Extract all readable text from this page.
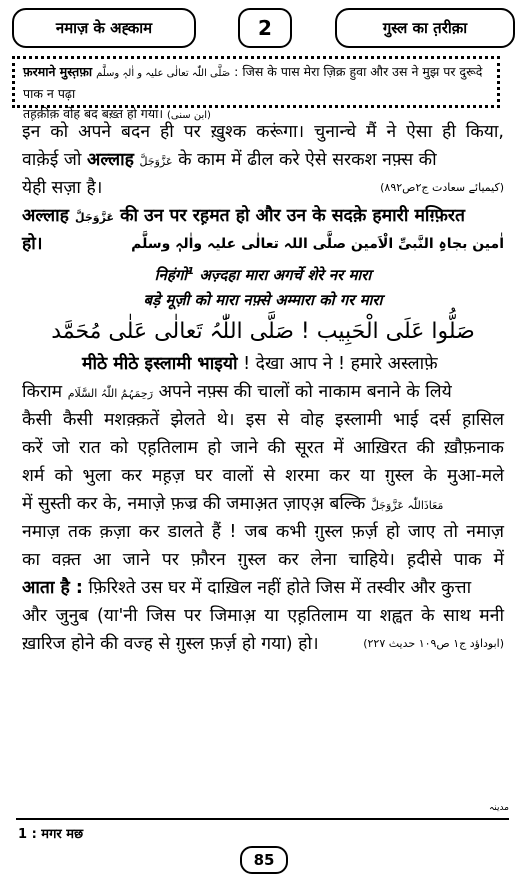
नमाज़ के अह्काम	2	गुस्ल का त़रीक़ा
फ़रमाने मुस्त़फ़ा صَلَّی اللّٰہ تعالٰی علیہ و اٰلہٖ وسلَّم : जिस के पास मेरा ज़िक्र हुवा और उस ने मुझ पर दुरूदे पाक न पढ़ा
तह़क़ीक़ वोह बद बख़्त हो गया। (ابن سنی)
इन को अपने बदन ही पर ख़ुश्क करूंगा। चुनान्चे मैं ने ऐसा ही किया,
वाक़ेई जो अल्लाह عَزَّوَجَلَّ के काम में ढील करे ऐसे सरकश नफ़्स की
येही सज़ा है।	(کیمیائے سعادت ج۲ص۸۹۲)
अल्लाह عَزَّوَجَلَّ की उन पर रह़मत हो और उन के सदके़ हमारी मग़्फ़िरत
हो।	اٰمین بجاہِ النَّبیِّ الْاَمین صلَّی اللہ تعالٰی علیہ واٰلہٖ وسلَّم
निहंगो$^1$ अज़्दहा मारा अगर्चे शेरे नर मारा
बड़े मूज़ी को मारा नफ़्से अम्मारा को गर मारा
صَلُّوا عَلَی الْحَبِیب ! صَلَّی اللّٰہُ تَعالٰی عَلٰی مُحَمَّد
मीठे मीठे इस्लामी भाइयो ! देखा आप ने ! हमारे अस्लाफ़े
किराम رَحِمَہُمُ اللّٰہُ السَّلَام अपने नफ़्स की चालों को नाकाम बनाने के लिये
कैसी कैसी मशक़्क़तें झेलते थे। इस से वोह इस्लामी भाई दर्स ह़ासिल
करें जो रात को एह़तिलाम हो जाने की सूरत में आख़िरत की ख़ौफ़नाक
शर्म को भुला कर मह़ज़ घर वालों से शरमा कर या ग़ुस्ल के मुआ-मले
में सुस्ती कर के, नमाज़े फ़ज्र की जमाअ़त ज़ाएअ़ बल्कि مَعَاذَاللّٰہ عَزَّوَجَلَّ
नमाज़ तक क़ज़ा कर डालते हैं ! जब कभी ग़ुस्ल फ़र्ज़ हो जाए तो नमाज़
का वक़्त आ जाने पर फ़ौरन ग़ुस्ल कर लेना चाहिये। ह़दीसे पाक में
आता है : फ़िरिश्ते उस घर में दाख़िल नहीं होते जिस में तस्वीर और कुत्ता
और जुनुब (या'नी जिस पर जिमाअ़ या एह़तिलाम या शह्वत के साथ मनी
ख़ारिज होने की वज्ह से ग़ुस्ल फ़र्ज़ हो गया) हो।	(ابوداؤد ج۱ ص۱۰۹ حدیث ۲۲۷)
مدینہ
1 : मगर मछ
85
